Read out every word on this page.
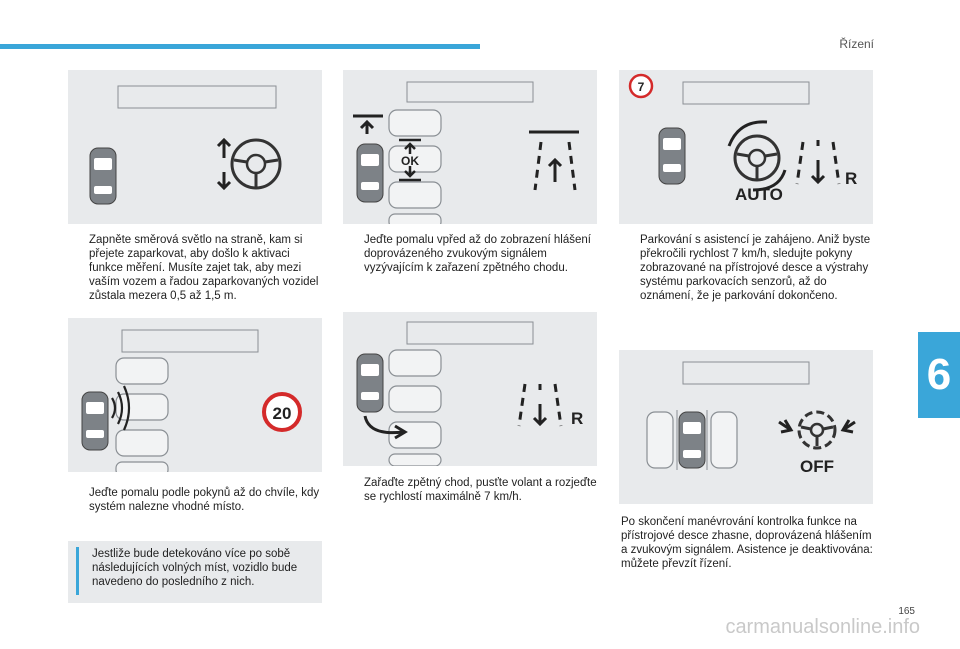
Řízení
6
Zapněte směrová světlo na straně, kam si přejete zaparkovat, aby došlo k aktivaci funkce měření. Musíte zajet tak, aby mezi vaším vozem a řadou zaparkovaných vozidel zůstala mezera 0,5 až 1,5 m.
20
Jeďte pomalu podle pokynů až do chvíle, kdy systém nalezne vhodné místo.
Jestliže bude detekováno více po sobě následujících volných míst, vozidlo bude navedeno do posledního z nich.
OK
Jeďte pomalu vpřed až do zobrazení hlášení doprovázeného zvukovým signálem vyzývajícím k zařazení zpětného chodu.
R
Zařaďte zpětný chod, pusťte volant a rozjeďte se rychlostí maximálně 7 km/h.
7
AUTO
R
Parkování s asistencí je zahájeno. Aniž byste překročili rychlost 7 km/h, sledujte pokyny zobrazované na přístrojové desce a výstrahy systému parkovacích senzorů, až do oznámení, že je parkování dokončeno.
OFF
Po skončení manévrování kontrolka funkce na přístrojové desce zhasne, doprovázená hlášením a zvukovým signálem. Asistence je deaktivována: můžete převzít řízení.
165
carmanualsonline.info
